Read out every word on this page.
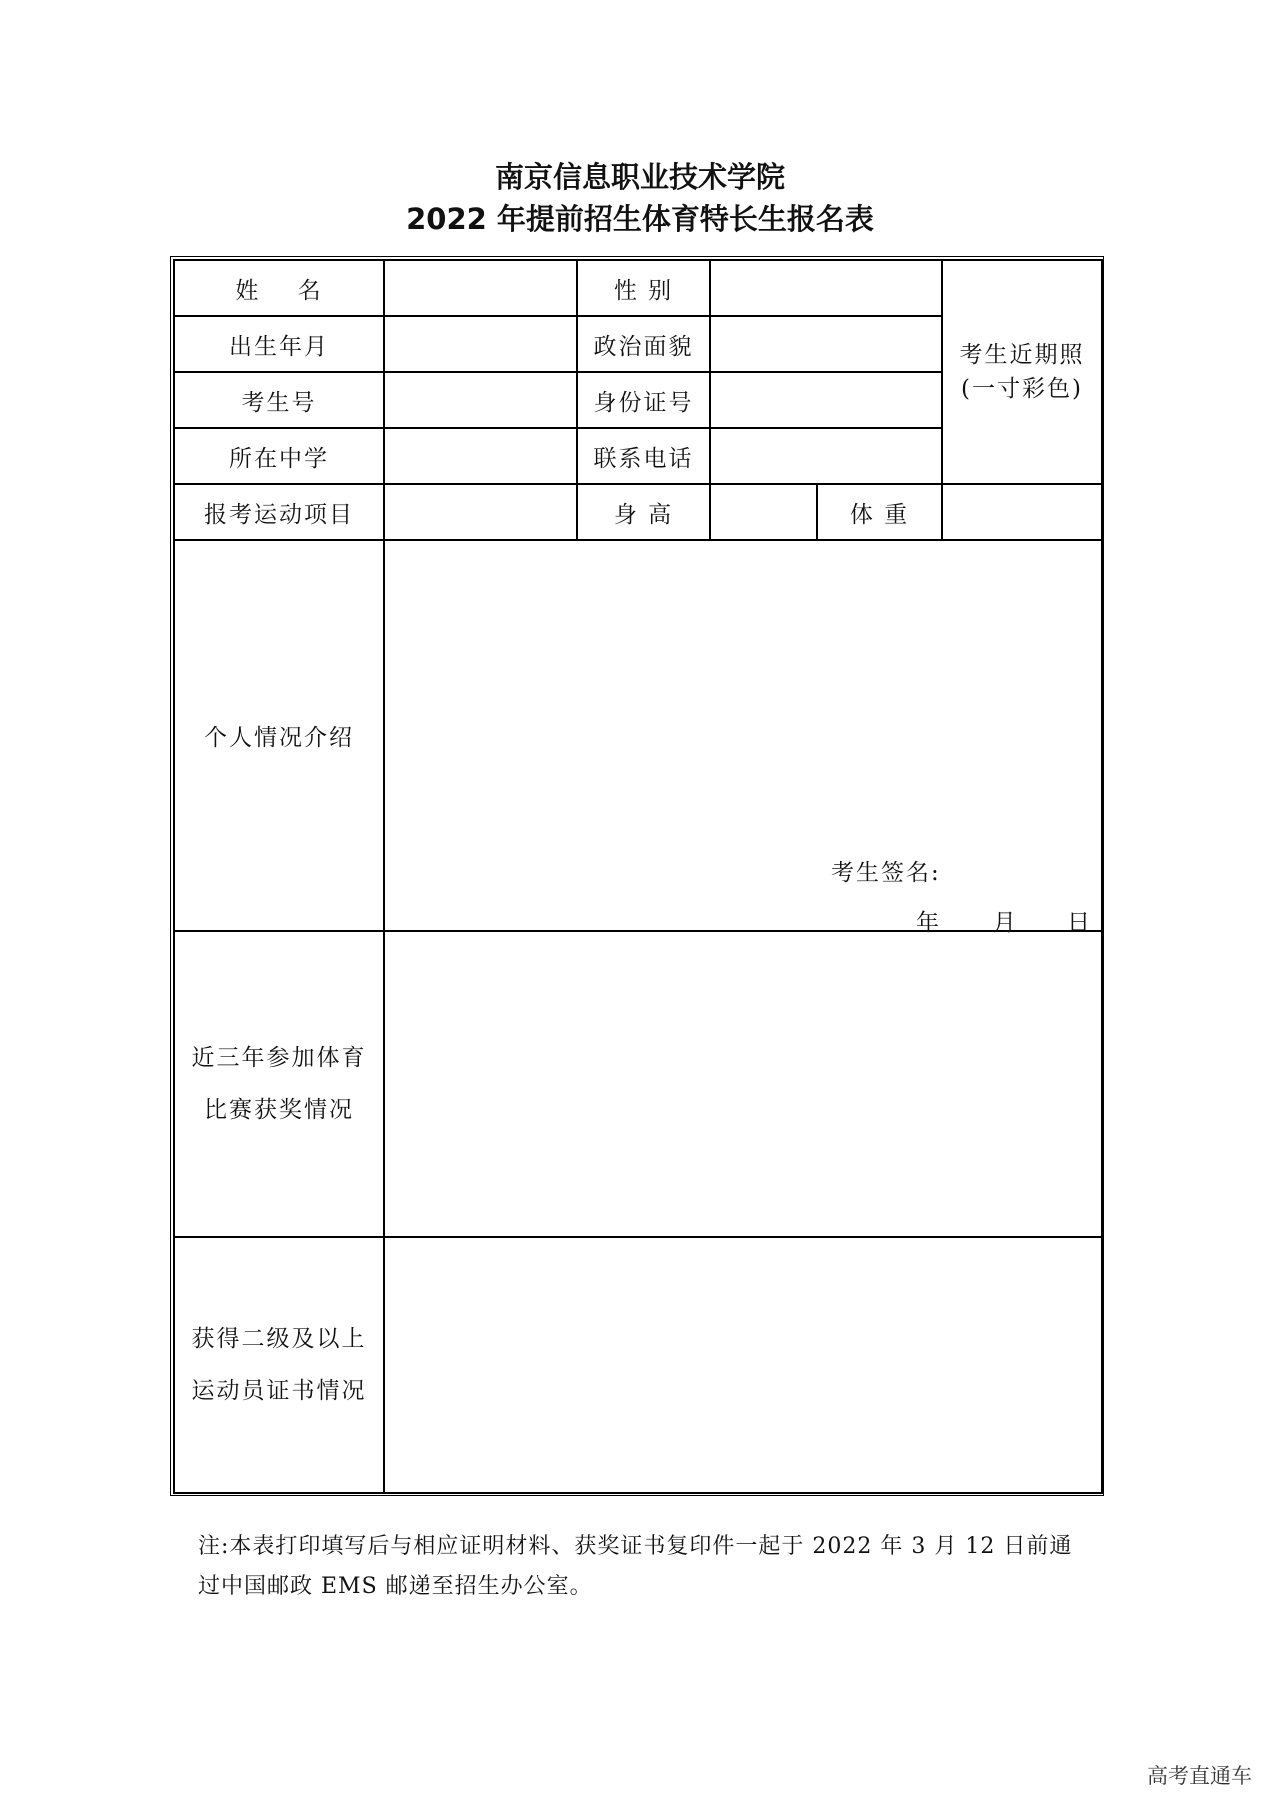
南京信息职业技术学院
2022 年提前招生体育特长生报名表
姓    名		性 别			考生近期照
(一寸彩色)
出生年月		政治面貌			
考生号		身份证号			
所在中学		联系电话			
报考运动项目		身 高		体 重	
个人情况介绍	考生签名:
年 月 日				

近三年参加体育
比赛获奖情况					
获得二级及以上
运动员证书情况					
注:本表打印填写后与相应证明材料、获奖证书复印件一起于 2022 年 3 月 12 日前通过中国邮政 EMS 邮递至招生办公室。
高考直通车
